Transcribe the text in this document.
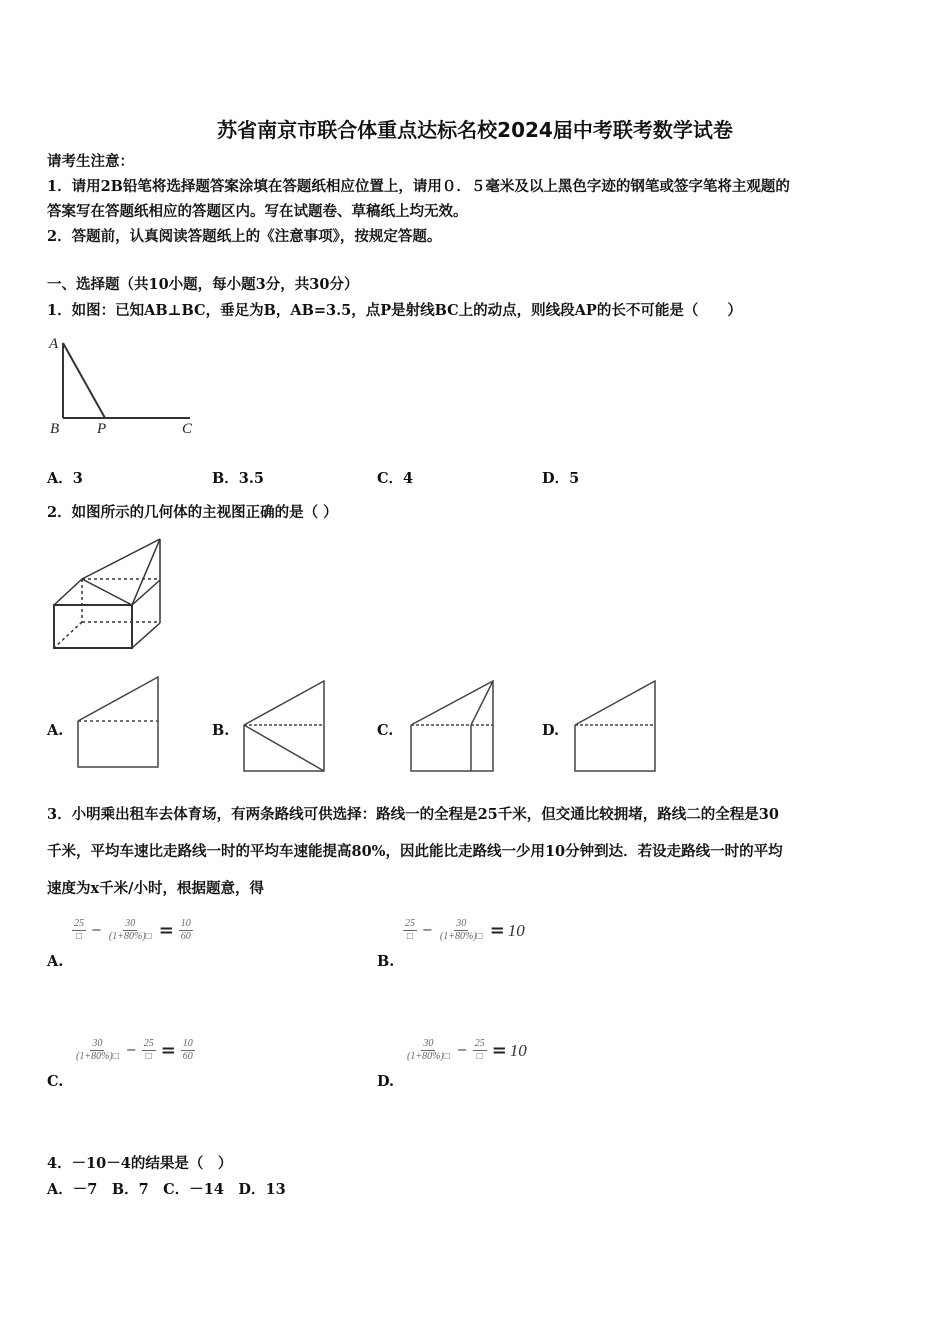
苏省南京市联合体重点达标名校2024届中考联考数学试卷
请考生注意：
1．请用2B铅笔将选择题答案涂填在答题纸相应位置上，请用０．５毫米及以上黑色字迹的钢笔或签字笔将主观题的
答案写在答题纸相应的答题区内。写在试题卷、草稿纸上均无效。
2．答题前，认真阅读答题纸上的《注意事项》，按规定答题。
一、选择题（共10小题，每小题3分，共30分）
1．如图：已知AB⊥BC，垂足为B，AB=3.5，点P是射线BC上的动点，则线段AP的长不可能是（　　）
A
B	P	C
A．3	B．3.5	C．4	D．5
2．如图所示的几何体的主视图正确的是（ ）
A.	B.	C.	D.
3．小明乘出租车去体育场，有两条路线可供选择：路线一的全程是25千米，但交通比较拥堵，路线二的全程是30
千米，平均车速比走路线一时的平均车速能提高80%，因此能比走路线一少用10分钟到达．若设走路线一时的平均
速度为x千米/小时，根据题意，得
$\frac{25}{□} - \frac{30}{(1+80\%)□} = \frac{10}{60}$
A.
$\frac{25}{□} - \frac{30}{(1+80\%)□} = 10$
B.
$\frac{30}{(1+80\%)□} - \frac{25}{□} = \frac{10}{60}$
C.
$\frac{30}{(1+80\%)□} - \frac{25}{□} = 10$
D.
4．－10－4的结果是（　）
A．－7　B．7　C．－14　D．13
